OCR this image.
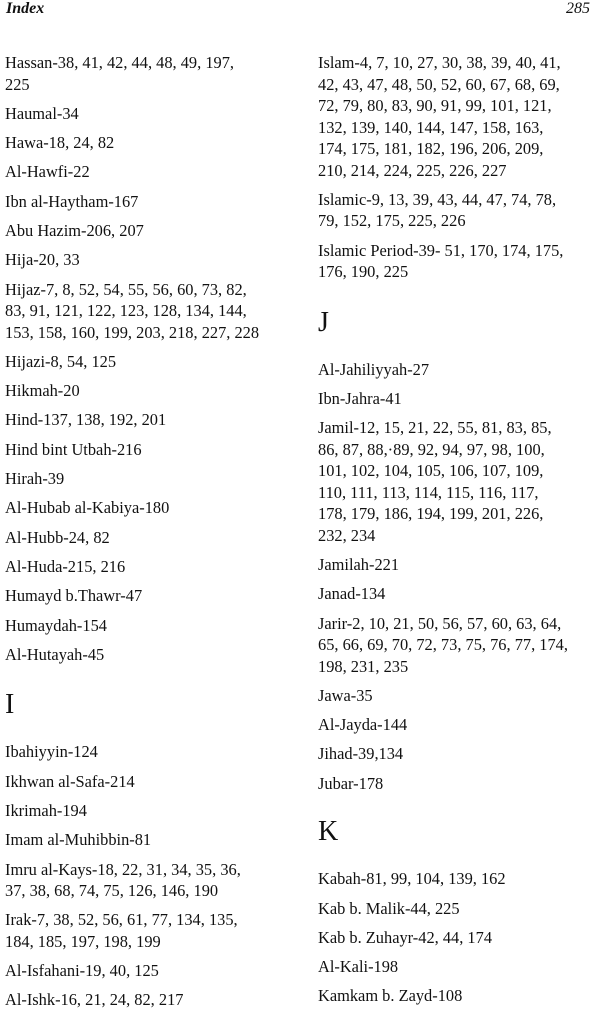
Index	285
Hassan-38, 41, 42, 44, 48, 49, 197,
225
Haumal-34
Hawa-18, 24, 82
Al-Hawfi-22
Ibn al-Haytham-167
Abu Hazim-206, 207
Hija-20, 33
Hijaz-7, 8, 52, 54, 55, 56, 60, 73, 82,
83, 91, 121, 122, 123, 128, 134, 144,
153, 158, 160, 199, 203, 218, 227, 228
Hijazi-8, 54, 125
Hikmah-20
Hind-137, 138, 192, 201
Hind bint Utbah-216
Hirah-39
Al-Hubab al-Kabiya-180
Al-Hubb-24, 82
Al-Huda-215, 216
Humayd b.Thawr-47
Humaydah-154
Al-Hutayah-45
I
Ibahiyyin-124
Ikhwan al-Safa-214
Ikrimah-194
Imam al-Muhibbin-81
Imru al-Kays-18, 22, 31, 34, 35, 36,
37, 38, 68, 74, 75, 126, 146, 190
Irak-7, 38, 52, 56, 61, 77, 134, 135,
184, 185, 197, 198, 199
Al-Isfahani-19, 40, 125
Al-Ishk-16, 21, 24, 82, 217
Islam-4, 7, 10, 27, 30, 38, 39, 40, 41,
42, 43, 47, 48, 50, 52, 60, 67, 68, 69,
72, 79, 80, 83, 90, 91, 99, 101, 121,
132, 139, 140, 144, 147, 158, 163,
174, 175, 181, 182, 196, 206, 209,
210, 214, 224, 225, 226, 227
Islamic-9, 13, 39, 43, 44, 47, 74, 78,
79, 152, 175, 225, 226
Islamic Period-39- 51, 170, 174, 175,
176, 190, 225
J
Al-Jahiliyyah-27
Ibn-Jahra-41
Jamil-12, 15, 21, 22, 55, 81, 83, 85,
86, 87, 88,·89, 92, 94, 97, 98, 100,
101, 102, 104, 105, 106, 107, 109,
110, 111, 113, 114, 115, 116, 117,
178, 179, 186, 194, 199, 201, 226,
232, 234
Jamilah-221
Janad-134
Jarir-2, 10, 21, 50, 56, 57, 60, 63, 64,
65, 66, 69, 70, 72, 73, 75, 76, 77, 174,
198, 231, 235
Jawa-35
Al-Jayda-144
Jihad-39,134
Jubar-178
K
Kabah-81, 99, 104, 139, 162
Kab b. Malik-44, 225
Kab b. Zuhayr-42, 44, 174
Al-Kali-198
Kamkam b. Zayd-108
